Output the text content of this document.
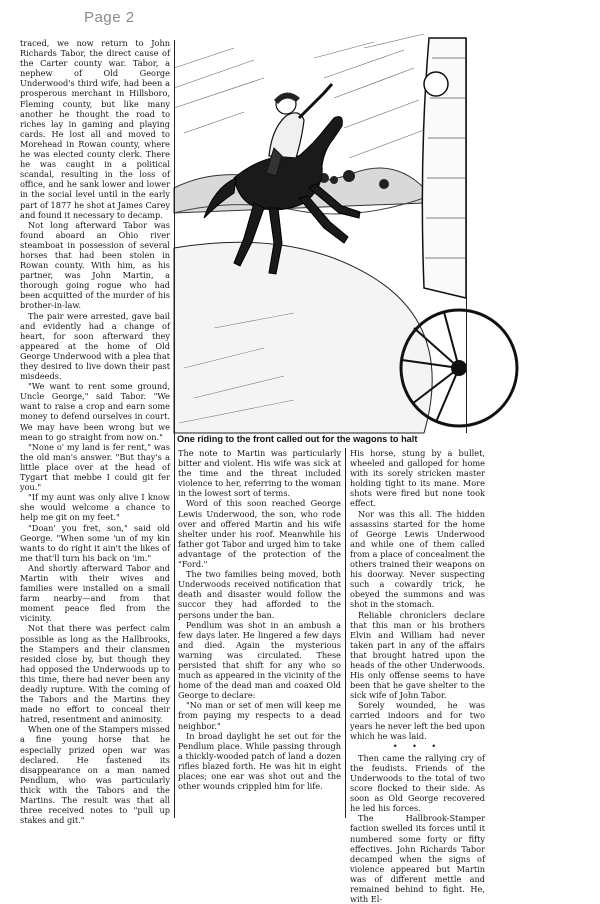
Page 2

traced, we now return to John Richards Tabor, the direct cause of the Carter county war. Tabor, a nephew of Old George Underwood's third wife, had been a prosperous merchant in Hillsboro, Fleming county, but like many another he thought the road to riches lay in gaming and playing cards. He lost all and moved to Morehead in Rowan county, where he was elected county clerk. There he was caught in a political scandal, resulting in the loss of office, and he sank lower and lower in the social level until in the early part of 1877 he shot at James Carey and found it necessary to decamp.

Not long afterward Tabor was found aboard an Ohio river steamboat in possession of several horses that had been stolen in Rowan county. With him, as his partner, was John Martin, a thorough going rogue who had been acquitted of the murder of his brother-in-law.

The pair were arrested, gave bail and evidently had a change of heart, for soon afterward they appeared at the home of Old George Underwood with a plea that they desired to live down their past misdeeds.

"We want to rent some ground, Uncle George," said Tabor. "We want to raise a crop and earn some money to defend ourselves in court. We may have been wrong but we mean to go straight from now on."

"None o' my land is fer rent," was the old man's answer. "But thay's a little place over at the head of Tygart that mebbe I could git fer you."

"If my aunt was only alive I know she would welcome a chance to help me git on my feet."

"Doan' you fret, son," said old George. "When some 'un of my kin wants to do right it ain't the likes of me that'll turn his back on 'im."

And shortly afterward Tabor and Martin with their wives and families were installed on a small farm nearby—and from that moment peace fled from the vicinity.

Not that there was perfect calm possible as long as the Hallbrooks, the Stampers and their clansmen resided close by, but though they had opposed the Underwoods up to this time, there had never been any deadly rupture. With the coming of the Tabors and the Martins they made no effort to conceal their hatred, resentment and animosity.

When one of the Stampers missed a fine young horse that he especially prized open war was declared. He fastened its disappearance on a man named Pendlum, who was particularly thick with the Tabors and the Martins. The result was that all three received notes to "pull up stakes and git."

One riding to the front called out for the wagons to halt

The note to Martin was particularly bitter and violent. His wife was sick at the time and the threat included violence to her, referring to the woman in the lowest sort of terms.

Word of this soon reached George Lewis Underwood, the son, who rode over and offered Martin and his wife shelter under his roof. Meanwhile his father got Tabor and urged him to take advantage of the protection of the "Ford."

The two families being moved, both Underwoods received notification that death and disaster would follow the succor they had afforded to the persons under the ban.

Pendlum was shot in an ambush a few days later. He lingered a few days and died. Again the mysterious warning was circulated. These persisted that shift for any who so much as appeared in the vicinity of the home of the dead man and coaxed Old George to declare:

"No man or set of men will keep me from paying my respects to a dead neighbor."

In broad daylight he set out for the Pendlum place. While passing through a thickly-wooded patch of land a dozen rifles blazed forth. He was hit in eight places; one ear was shot out and the other wounds crippled him for life.

His horse, stung by a bullet, wheeled and galloped for home with its sorely stricken master holding tight to its mane. More shots were fired but none took effect.

Nor was this all. The hidden assassins started for the home of George Lewis Underwood and while one of them called from a place of concealment the others trained their weapons on his doorway. Never suspecting such a cowardly trick, he obeyed the summons and was shot in the stomach.

Reliable chroniclers declare that this man or his brothers Elvin and William had never taken part in any of the affairs that brought hatred upon the heads of the other Underwoods. His only offense seems to have been that he gave shelter to the sick wife of John Tabor.

Sorely wounded, he was carried indoors and for two years he never left the bed upon which he was laid.

• • •

Then came the rallying cry of the feudists. Friends of the Underwoods to the total of two score flocked to their side. As soon as Old George recovered he led his forces.

The Hallbrook-Stamper faction swelled its forces until it numbered some forty or fifty effectives. John Richards Tabor decamped when the signs of violence appeared but Martin was of different mettle and remained behind to fight. He, with El-
